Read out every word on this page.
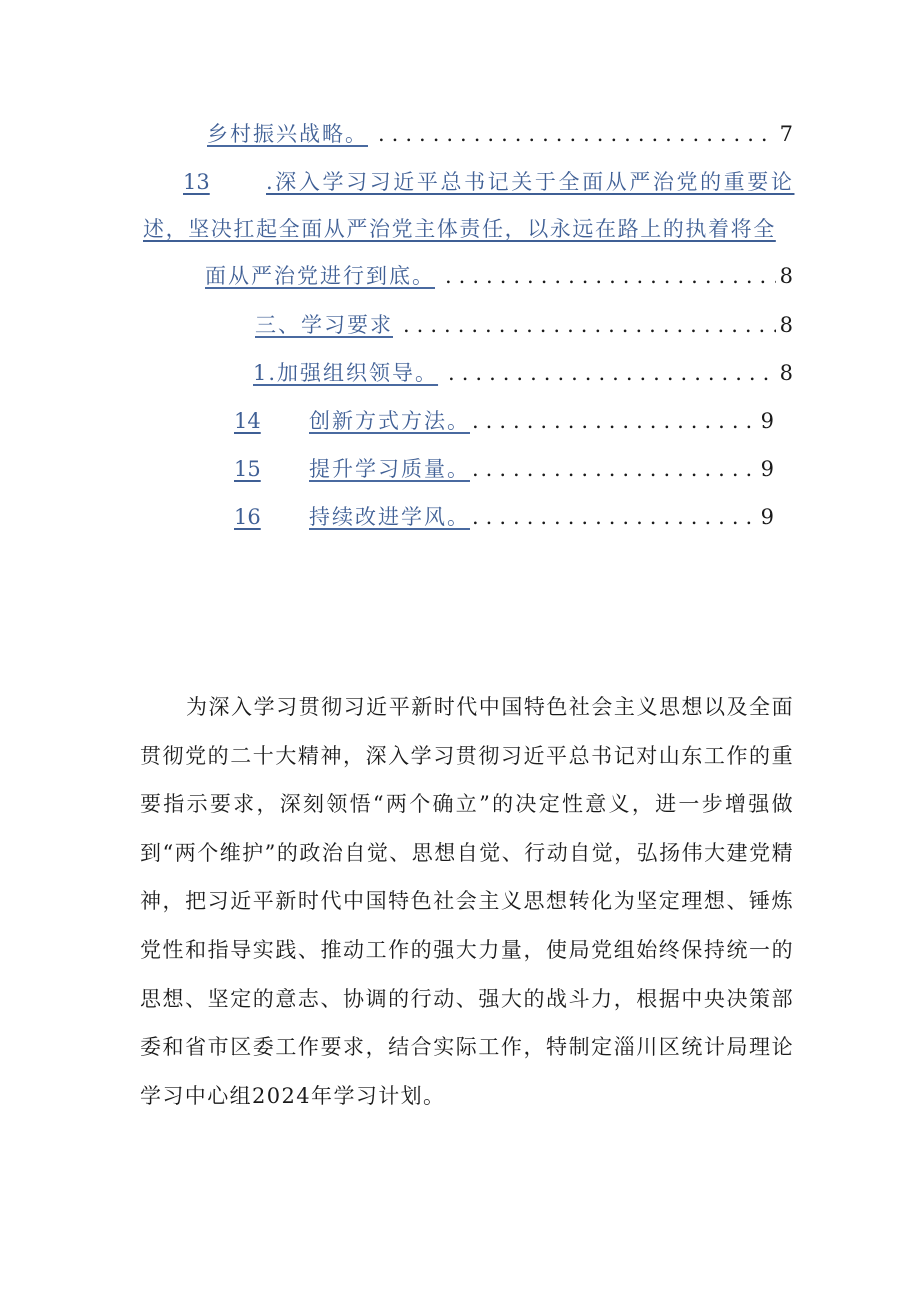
乡村振兴战略。 .....	7
13	.深入学习习近平总书记关于全面从严治党的重要论
述，坚决扛起全面从严治党主体责任，以永远在路上的执着将全
面从严治党进行到底。 .....	8
三、学习要求 .....	8
1.加强组织领导。 .....	8
14 创新方式方法。 .....	9
15 提升学习质量。 .....	9
16 持续改进学风。 .....	9

为深入学习贯彻习近平新时代中国特色社会主义思想以及全面贯彻党的二十大精神，深入学习贯彻习近平总书记对山东工作的重要指示要求，深刻领悟“两个确立”的决定性意义，进一步增强做到“两个维护”的政治自觉、思想自觉、行动自觉，弘扬伟大建党精神，把习近平新时代中国特色社会主义思想转化为坚定理想、锤炼党性和指导实践、推动工作的强大力量，使局党组始终保持统一的思想、坚定的意志、协调的行动、强大的战斗力，根据中央决策部委和省市区委工作要求，结合实际工作，特制定淄川区统计局理论学习中心组2024年学习计划。
